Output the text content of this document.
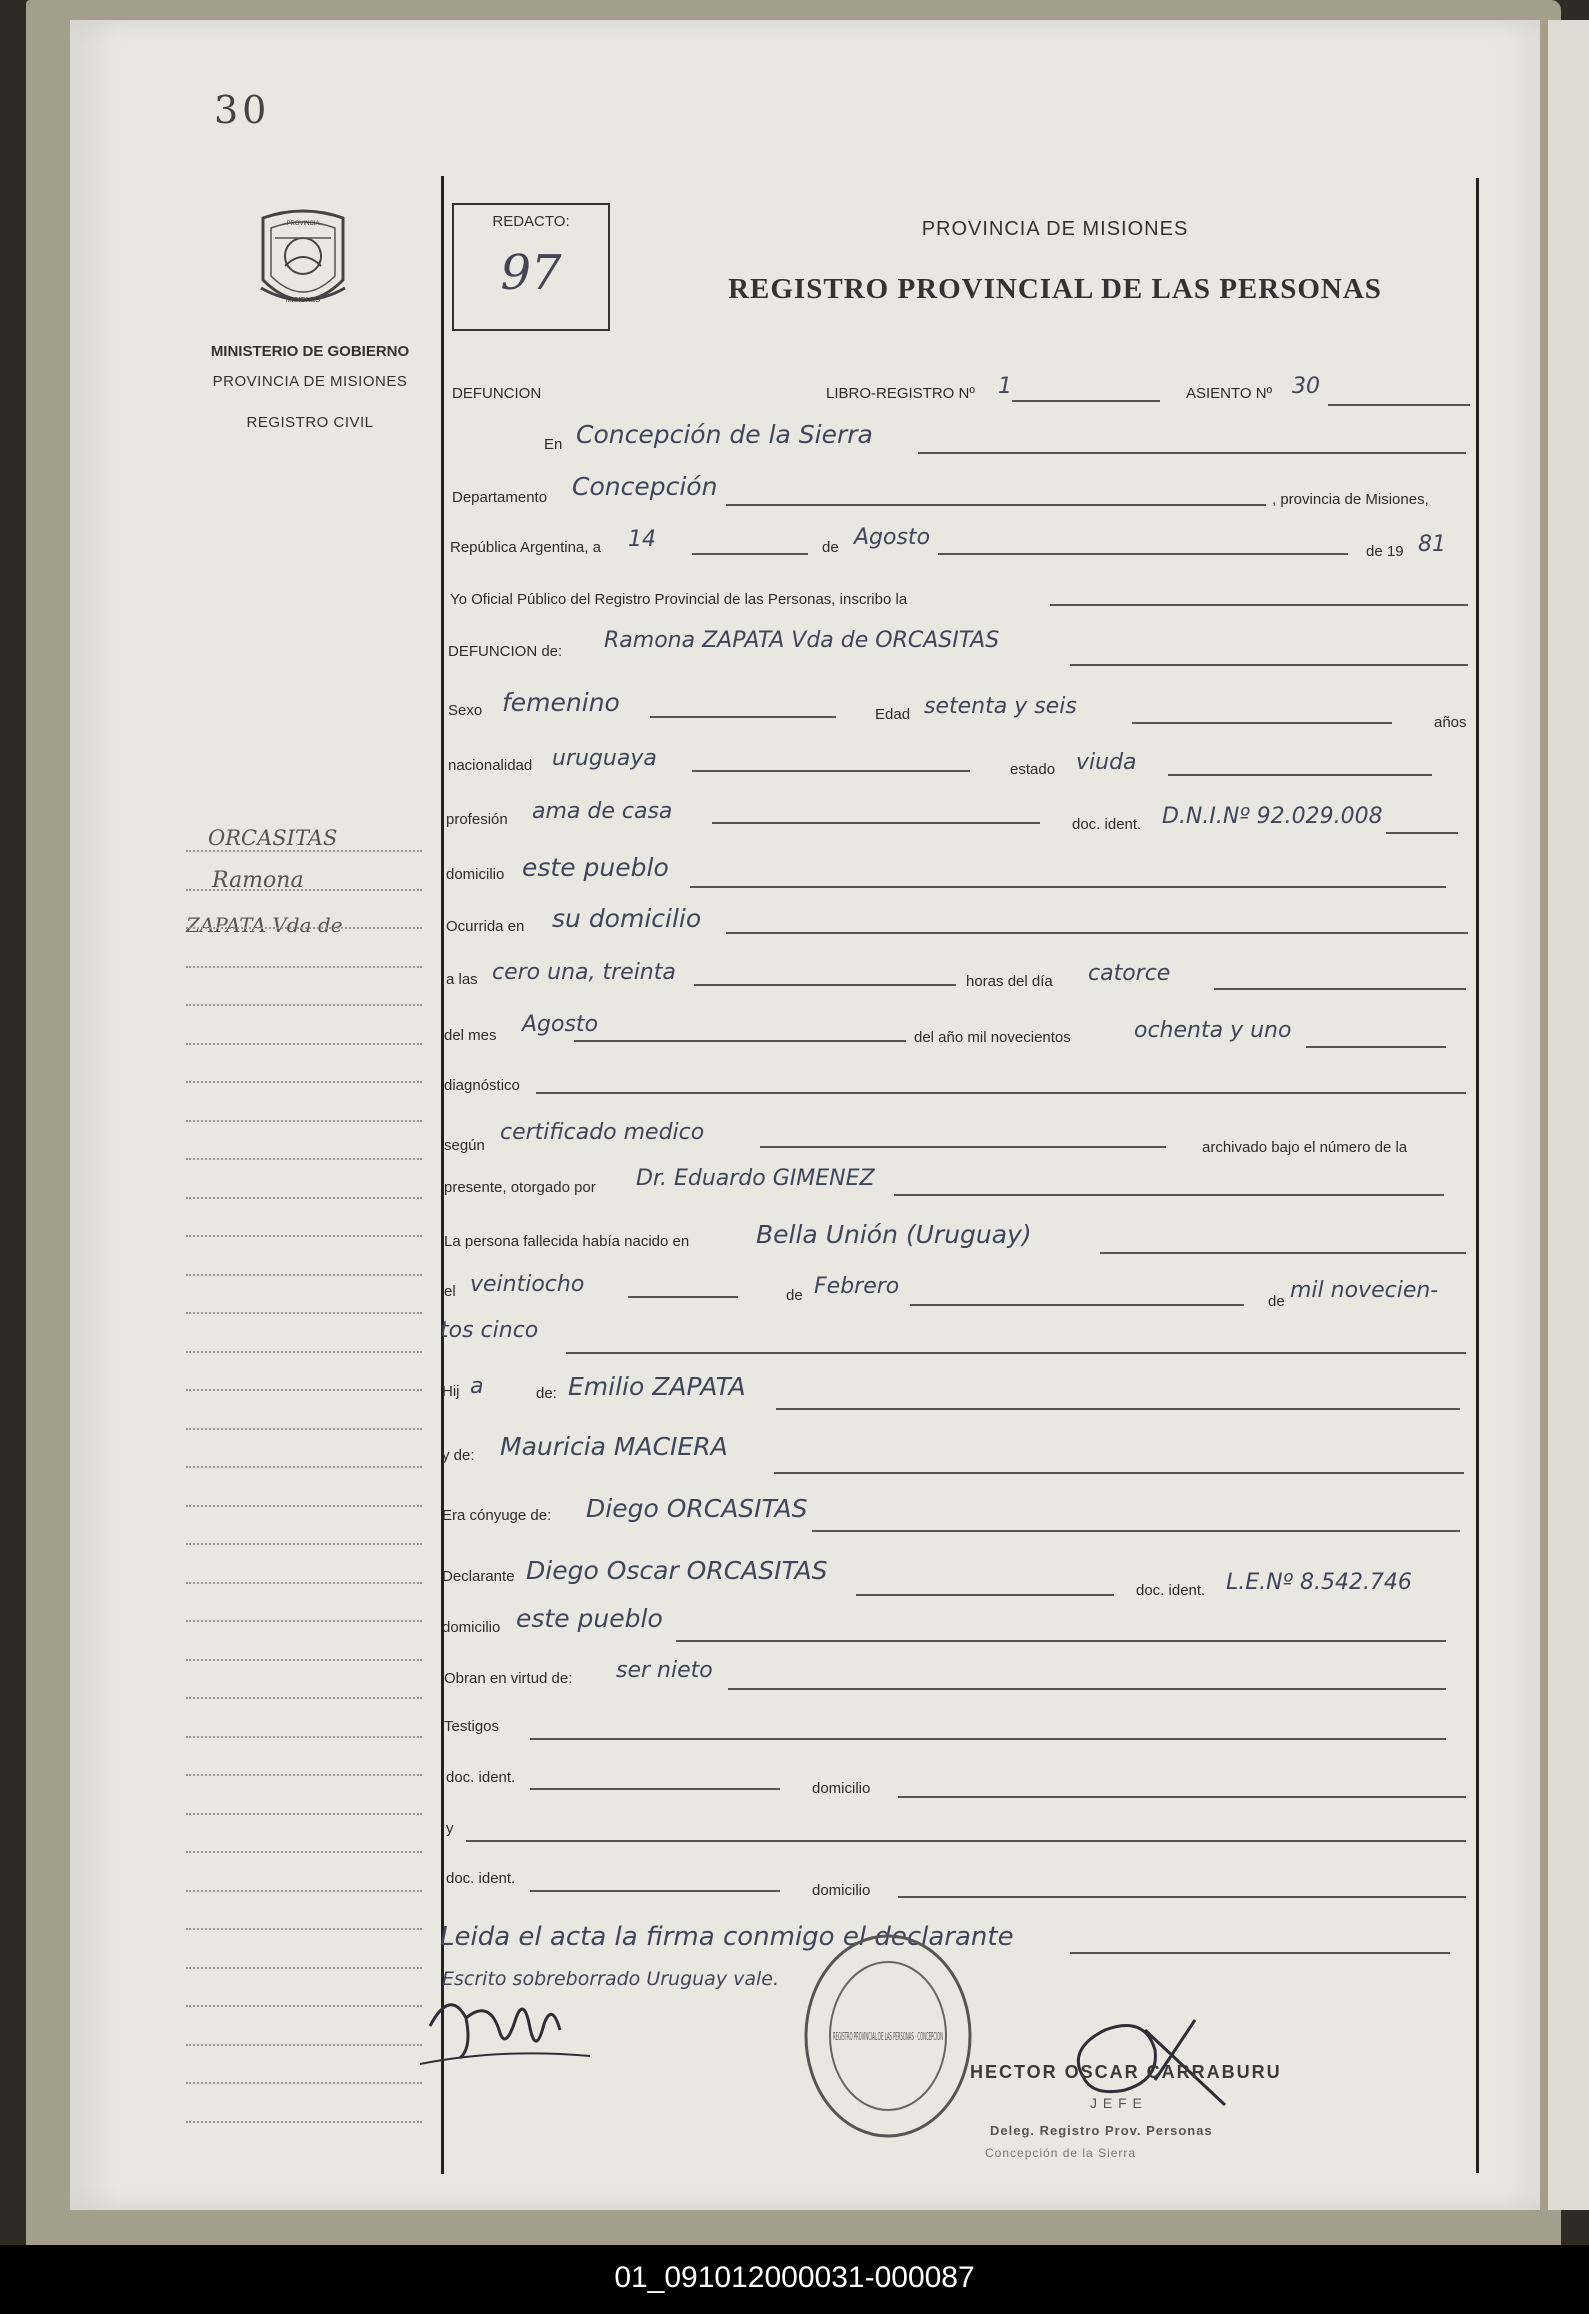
30
PROVINCIA
MISIONES
MINISTERIO DE GOBIERNO
PROVINCIA DE MISIONES
REGISTRO CIVIL
REDACTO:
97
PROVINCIA DE MISIONES
REGISTRO PROVINCIAL DE LAS PERSONAS
ORCASITAS
Ramona
ZAPATA Vda de
DEFUNCION	LIBRO-REGISTRO Nº 1	ASIENTO Nº 30
En Concepción de la Sierra
Departamento Concepción	, provincia de Misiones,
República Argentina, a 14	de Agosto
de 19 81
Yo Oficial Público del Registro Provincial de las Personas, inscribo la
DEFUNCION de: Ramona ZAPATA Vda de ORCASITAS
Sexo femenino	Edad setenta y seis
años
nacionalidad uruguaya	estado viuda
profesión ama de casa
doc. ident. D.N.I.Nº 92.029.008
domicilio este pueblo
Ocurrida en su domicilio
a las cero una, treinta	horas del día catorce
del mes Agosto
del año mil novecientos	ochenta y uno
diagnóstico
según
certificado medico
archivado bajo el número de la
presente, otorgado por Dr. Eduardo GIMENEZ
La persona fallecida había nacido en	Bella Unión (Uruguay)
el veintiocho	de Febrero
de mil novecien-
tos cinco
Hij a	de: Emilio ZAPATA
y de: Mauricia MACIERA
Era cónyuge de: Diego ORCASITAS
Declarante Diego Oscar ORCASITAS
doc. ident. L.E.Nº 8.542.746
domicilio este pueblo
Obran en virtud de: ser nieto
Testigos
doc. ident.
domicilio
y
doc. ident.
domicilio
Leida el acta la firma conmigo el declarante
Escrito sobreborrado Uruguay vale.
REGISTRO PROVINCIAL DE LAS PERSONAS · CONCEPCION
HECTOR OSCAR CARRABURU
J E F E
Deleg. Registro Prov. Personas
Concepción de la Sierra
01_091012000031-000087
